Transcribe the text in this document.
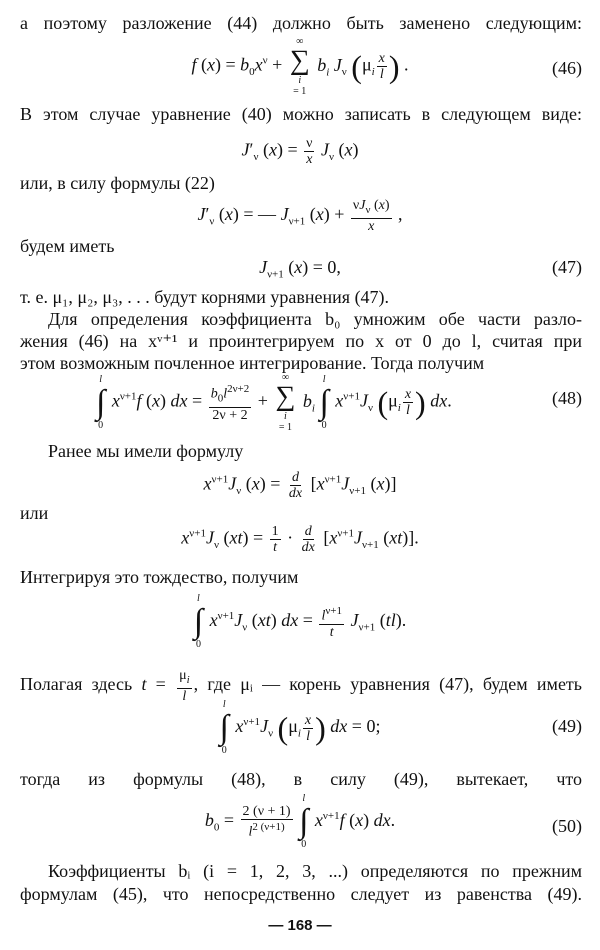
а поэтому разложение (44) должно быть заменено следующим:
f $(x) = b_0x^\nu$ +
∞
∑
i
= 1 $b_i$ $J_\nu$ ($\mu_i \frac{x}{l}$ ) .	(46)
В этом случае уравнение (40) можно записать в следующем виде:
$J'_\nu$ $(x) = \frac{\nu}{x} J_\nu$ (x)
или, в силу формулы (22)
$J'_\nu$ (x) = — $J_{\nu+1}$ $(x) + \frac{\nu J_\nu (x)}{x}$ ,
будем иметь
$J_{\nu+1}$ (x) = 0,	(47)
т. е. μ₁, μ₂, μ₃, . . . будут корнями уравнения (47).
Для определения коэффициента b₀ умножим обе части разло-
жения (46) на xᵛ⁺¹ и проинтегрируем по x от 0 до l, считая при
этом возможным почленное интегрирование. Тогда получим
l
∫
0
$x^{\nu+1}f$ (x) dx = $\frac{b_0l^{2\nu+2}}{2\nu + 2}$ +
∞
∑
i
= 1 $b_i$
l
∫
0
$x^{\nu+1}J_\nu$ ($\mu_i \frac{x}{l}$ ) dx.	(48)
Ранее мы имели формулу
$x^{\nu+1}J_\nu$ $(x) = \frac{d}{dx} [x^{\nu+1}J_{\nu+1}$ (x)]
или
$x^{\nu+1}J_\nu$ $(xt) = \frac{1}{t} \cdot \frac{d}{dx} [x^{\nu+1}J_{\nu+1}$ (xt)].
Интегрируя это тождество, получим
l
∫
0
$x^{\nu+1}J_\nu$ (xt) dx = $\frac{l^{\nu+1}}{t} J_{\nu+1}$ (tl).
Полагая здесь $t = \frac{\mu_i}{l}$ , где μᵢ — корень уравнения (47), будем иметь
l
∫
0
$x^{\nu+1}J_\nu$ ($\mu_i \frac{x}{l}$ ) dx = 0;	(49)
тогда из формулы (48), в силу (49), вытекает, что
$b_0 = \frac{2 (\nu + 1)}{l^{2 (\nu+1)}}$

l
∫
0
$x^{\nu+1}f$ (x) dx.	(50)
Коэффициенты bᵢ (i = 1, 2, 3, ...) определяются по прежним
формулам (45), что непосредственно следует из равенства (49).
— 168 —
